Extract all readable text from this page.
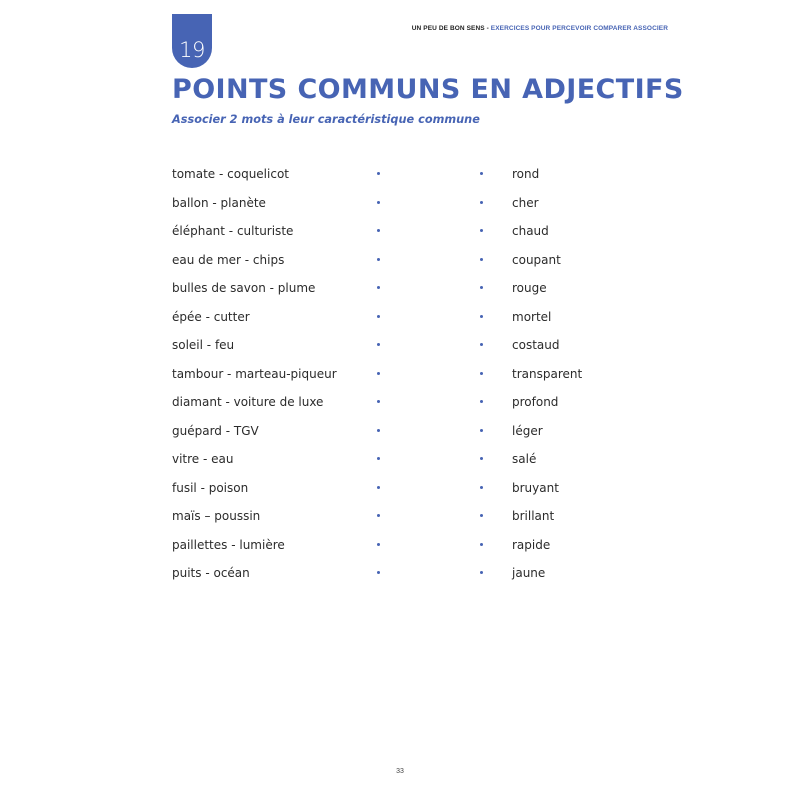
19
UN PEU DE BON SENS - EXERCICES POUR PERCEVOIR COMPARER ASSOCIER
POINTS COMMUNS EN ADJECTIFS
Associer 2 mots à leur caractéristique commune
tomate - coquelicot	rond
ballon - planète	cher
éléphant - culturiste	chaud
eau de mer - chips	coupant
bulles de savon - plume	rouge
épée - cutter	mortel
soleil - feu	costaud
tambour - marteau-piqueur	transparent
diamant - voiture de luxe	profond
guépard - TGV	léger
vitre - eau	salé
fusil - poison	bruyant
maïs – poussin	brillant
paillettes - lumière	rapide
puits - océan	jaune
33
